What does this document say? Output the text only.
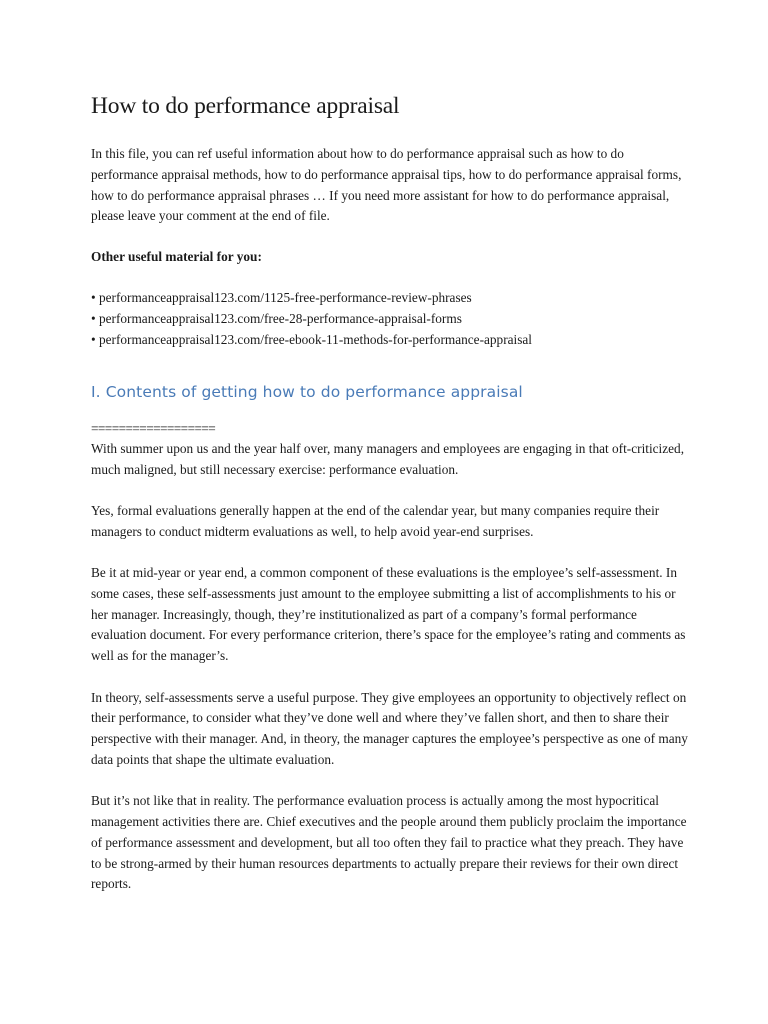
How to do performance appraisal

In this file, you can ref useful information about how to do performance appraisal such as how to do performance appraisal methods, how to do performance appraisal tips, how to do performance appraisal forms, how to do performance appraisal phrases … If you need more assistant for how to do performance appraisal, please leave your comment at the end of file.

Other useful material for you:

• performanceappraisal123.com/1125-free-performance-review-phrases
• performanceappraisal123.com/free-28-performance-appraisal-forms
• performanceappraisal123.com/free-ebook-11-methods-for-performance-appraisal
I. Contents of getting how to do performance appraisal

==================

With summer upon us and the year half over, many managers and employees are engaging in that oft-criticized, much maligned, but still necessary exercise: performance evaluation.

Yes, formal evaluations generally happen at the end of the calendar year, but many companies require their managers to conduct midterm evaluations as well, to help avoid year-end surprises.

Be it at mid-year or year end, a common component of these evaluations is the employee’s self-assessment. In some cases, these self-assessments just amount to the employee submitting a list of accomplishments to his or her manager. Increasingly, though, they’re institutionalized as part of a company’s formal performance evaluation document. For every performance criterion, there’s space for the employee’s rating and comments as well as for the manager’s.

In theory, self-assessments serve a useful purpose. They give employees an opportunity to objectively reflect on their performance, to consider what they’ve done well and where they’ve fallen short, and then to share their perspective with their manager. And, in theory, the manager captures the employee’s perspective as one of many data points that shape the ultimate evaluation.

But it’s not like that in reality. The performance evaluation process is actually among the most hypocritical management activities there are. Chief executives and the people around them publicly proclaim the importance of performance assessment and development, but all too often they fail to practice what they preach. They have to be strong-armed by their human resources departments to actually prepare their reviews for their own direct reports.
